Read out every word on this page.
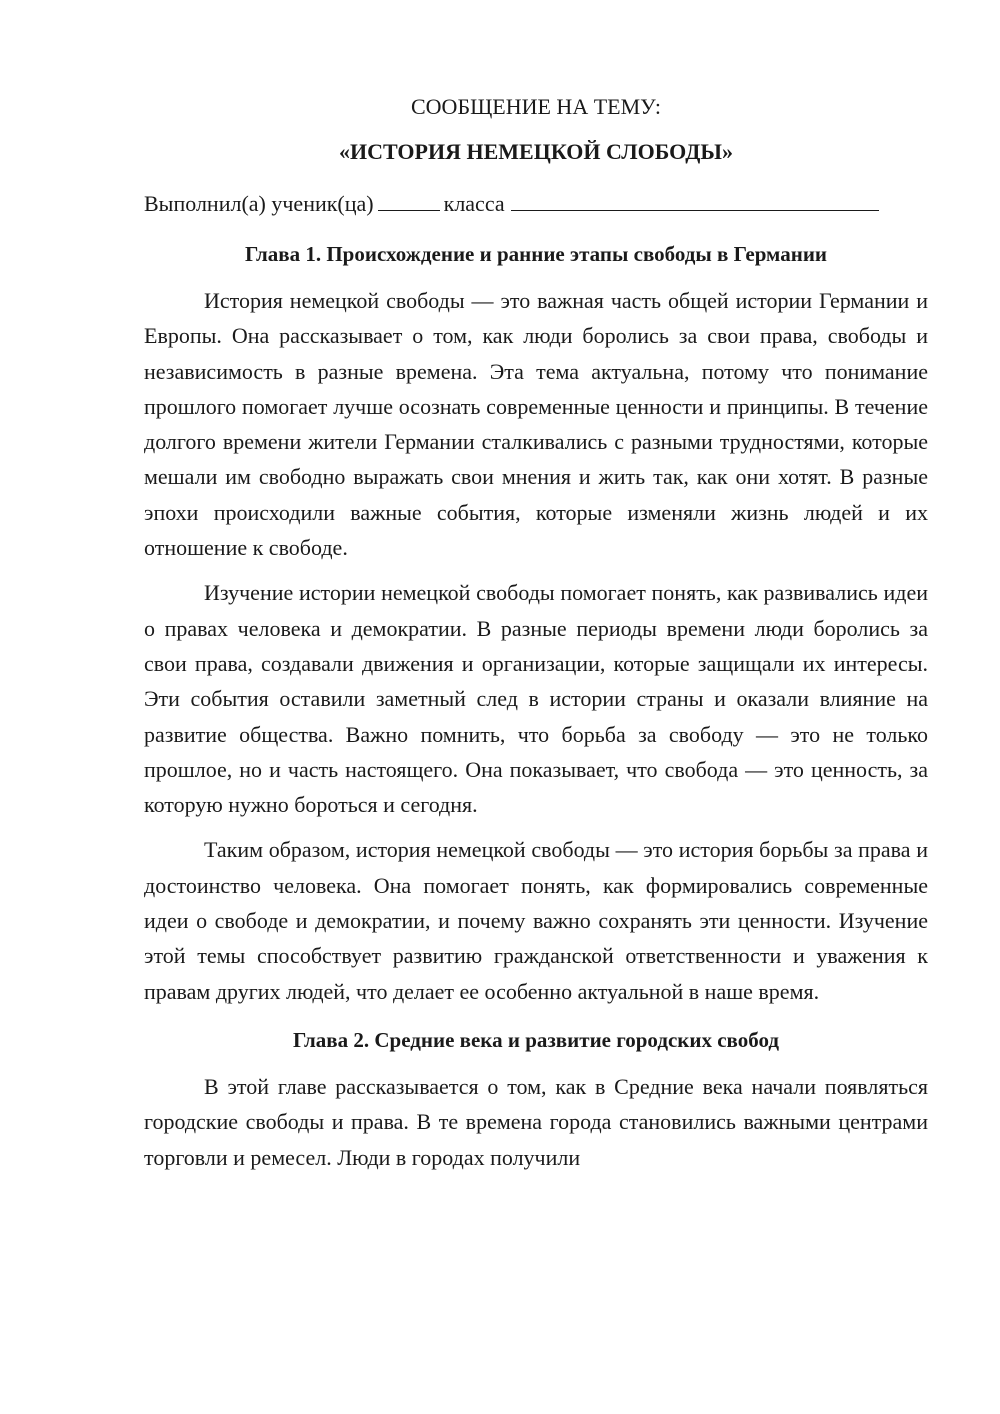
СООБЩЕНИЕ НА ТЕМУ:

«ИСТОРИЯ НЕМЕЦКОЙ СЛОБОДЫ»

Выполнил(а) ученик(ца)	класса

Глава 1. Происхождение и ранние этапы свободы в Германии

История немецкой свободы — это важная часть общей истории Германии и Европы. Она рассказывает о том, как люди боролись за свои права, свободы и независимость в разные времена. Эта тема актуальна, потому что понимание прошлого помогает лучше осознать современные ценности и принципы. В течение долгого времени жители Германии сталкивались с разными трудностями, которые мешали им свободно выражать свои мнения и жить так, как они хотят. В разные эпохи происходили важные события, которые изменяли жизнь людей и их отношение к свободе.

Изучение истории немецкой свободы помогает понять, как развивались идеи о правах человека и демократии. В разные периоды времени люди боролись за свои права, создавали движения и организации, которые защищали их интересы. Эти события оставили заметный след в истории страны и оказали влияние на развитие общества. Важно помнить, что борьба за свободу — это не только прошлое, но и часть настоящего. Она показывает, что свобода — это ценность, за которую нужно бороться и сегодня.

Таким образом, история немецкой свободы — это история борьбы за права и достоинство человека. Она помогает понять, как формировались современные идеи о свободе и демократии, и почему важно сохранять эти ценности. Изучение этой темы способствует развитию гражданской ответственности и уважения к правам других людей, что делает ее особенно актуальной в наше время.

Глава 2. Средние века и развитие городских свобод

В этой главе рассказывается о том, как в Средние века начали появляться городские свободы и права. В те времена города становились важными центрами торговли и ремесел. Люди в городах получили
